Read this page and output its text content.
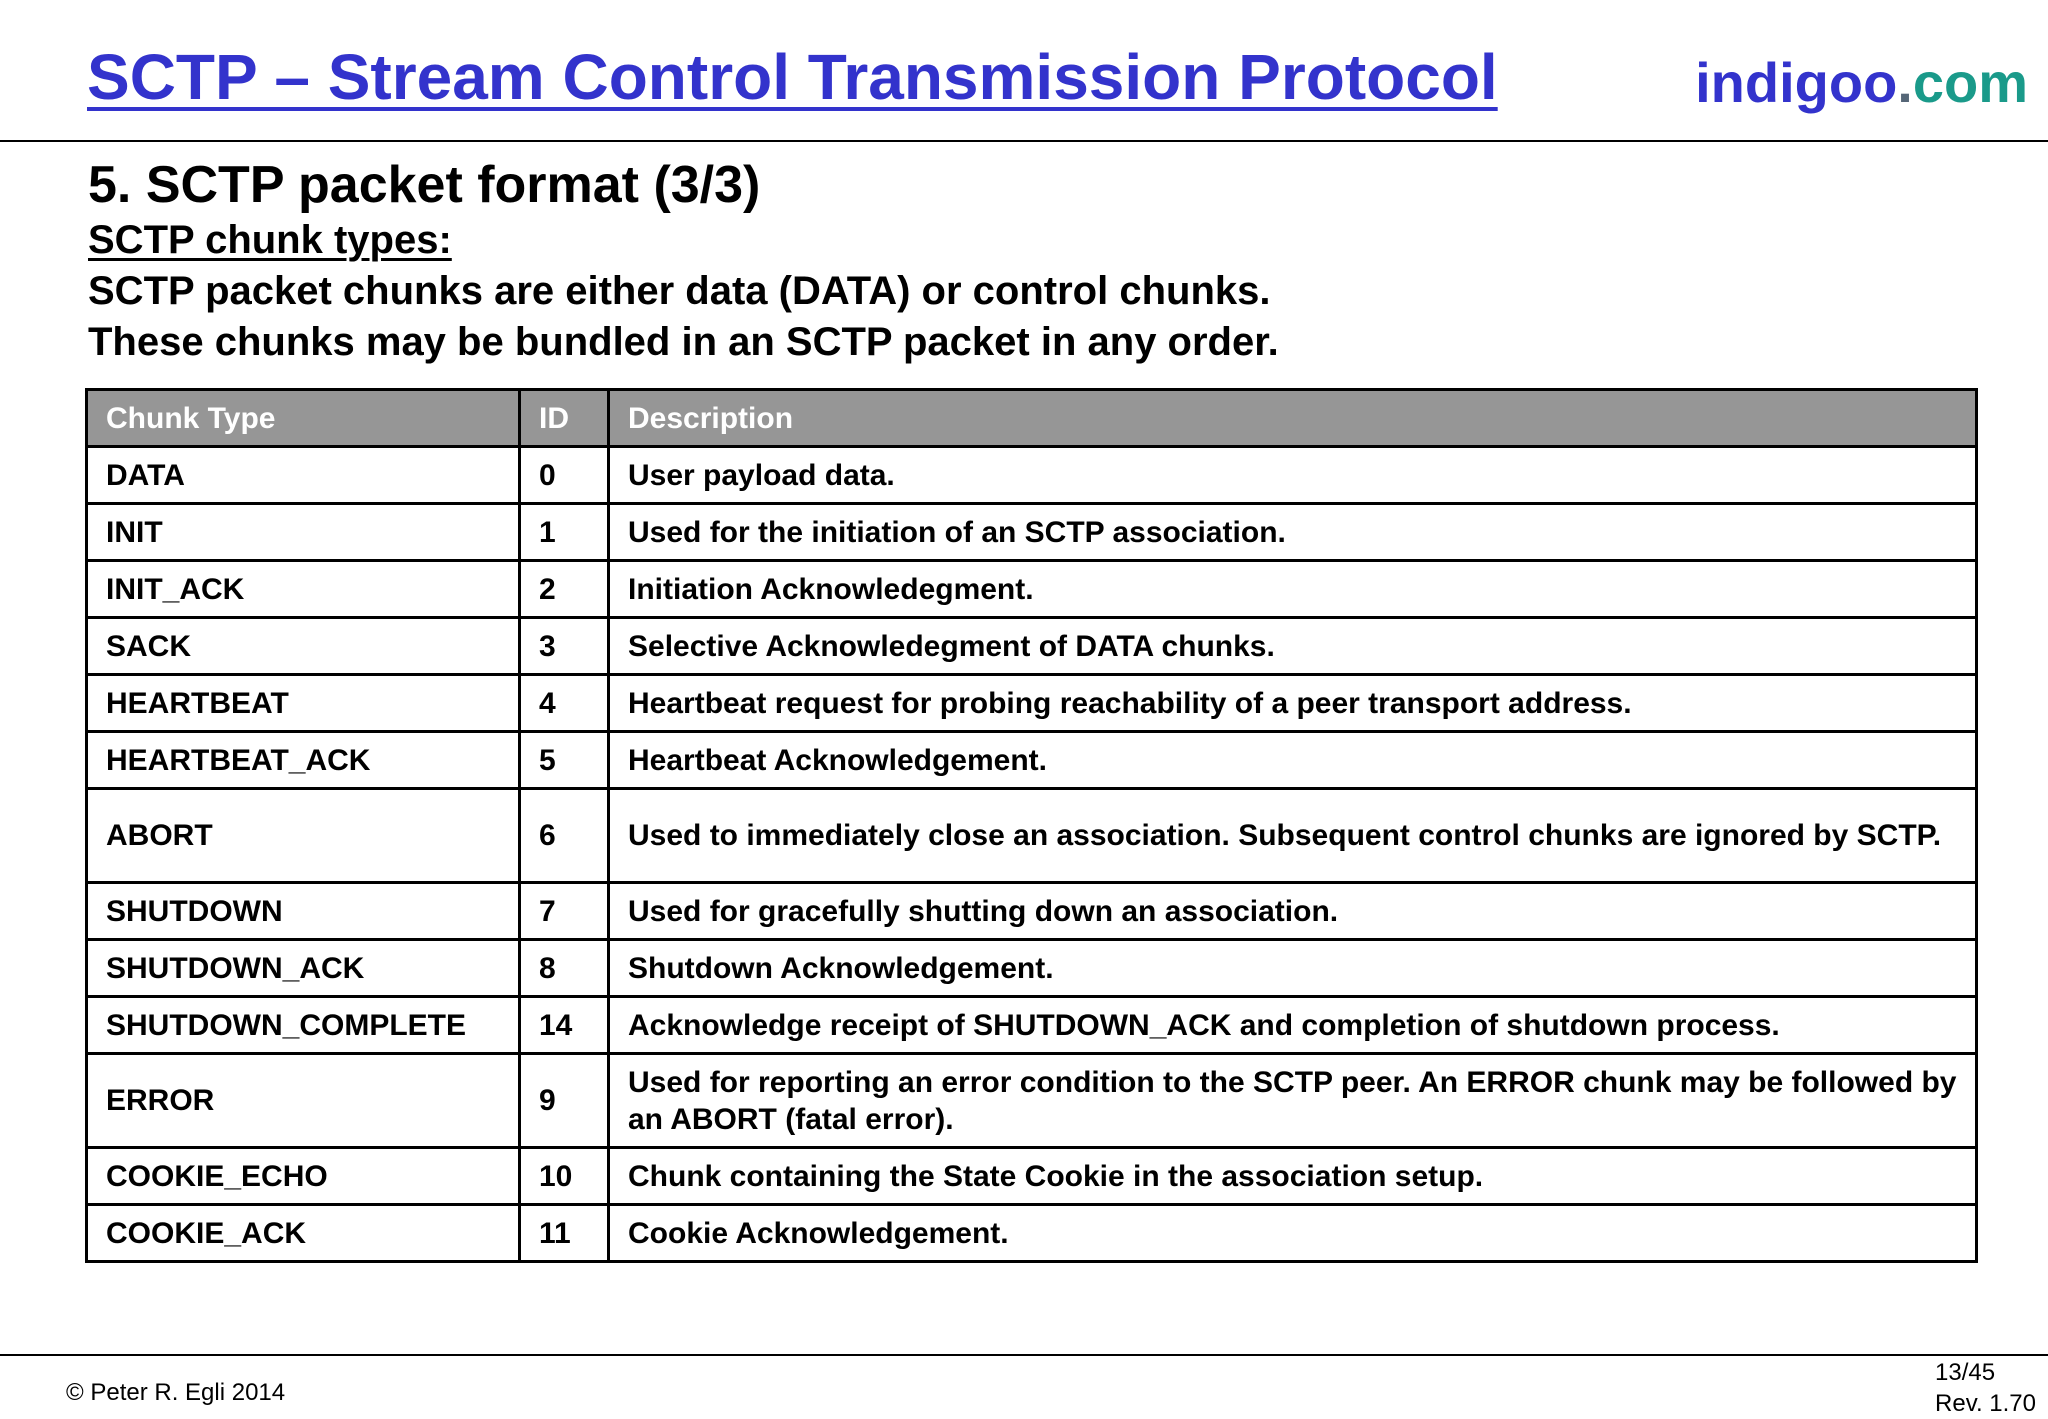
SCTP – Stream Control Transmission Protocol	indigoo.com
5. SCTP packet format (3/3)
SCTP chunk types:
SCTP packet chunks are either data (DATA) or control chunks.
These chunks may be bundled in an SCTP packet in any order.
Chunk Type	ID	Description
DATA	0	User payload data.
INIT	1	Used for the initiation of an SCTP association.
INIT_ACK	2	Initiation Acknowledegment.
SACK	3	Selective Acknowledegment of DATA chunks.
HEARTBEAT	4	Heartbeat request for probing reachability of a peer transport address.
HEARTBEAT_ACK	5	Heartbeat Acknowledgement.
ABORT	6	Used to immediately close an association. Subsequent control chunks are ignored by SCTP.
SHUTDOWN	7	Used for gracefully shutting down an association.
SHUTDOWN_ACK	8	Shutdown Acknowledgement.
SHUTDOWN_COMPLETE	14	Acknowledge receipt of SHUTDOWN_ACK and completion of shutdown process.
ERROR	9	Used for reporting an error condition to the SCTP peer. An ERROR chunk may be followed by an ABORT (fatal error).
COOKIE_ECHO	10	Chunk containing the State Cookie in the association setup.
COOKIE_ACK	11	Cookie Acknowledgement.
© Peter R. Egli 2014
13/45
Rev. 1.70
